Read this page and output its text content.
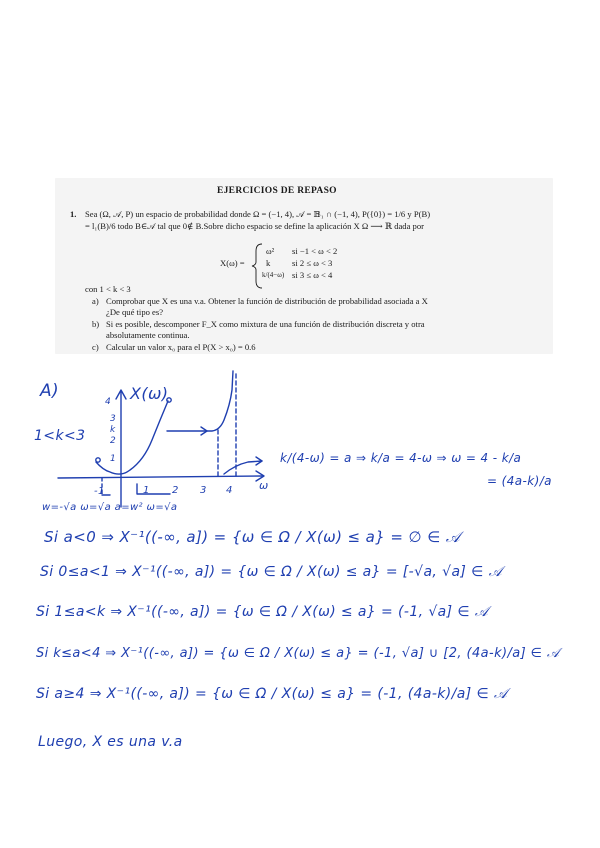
EJERCICIOS DE REPASO
1. Sea (Ω, 𝒜, P) un espacio de probabilidad donde Ω = (−1, 4), 𝒜 = 𝔹₁ ∩ (−1, 4), P({0}) = 1/6 y P(B)
= l₁(B)/6 todo B∈𝒜 tal que 0∉ B.Sobre dicho espacio se define la aplicación X Ω ⟶ ℝ dada por
X(ω) =
ω² si −1 < ω < 2
k	si 2 ≤ ω < 3
k/(4−ω) si 3 ≤ ω < 4
con 1 < k < 3
a) Comprobar que X es una v.a. Obtener la función de distribución de probabilidad asociada a X
¿De qué tipo es?
b) Si es posible, descomponer F_X como mixtura de una función de distribución discreta y otra
absolutamente continua.
c) Calcular un valor x₀ para el P(X > x₀) = 0.6
A)
1<k<3
X(ω)
4
3
k
2
1
-1	1 2 3 4 ω
w=-√a ω=√a a=w² ω=√a
k/(4-ω) = a ⇒ k/a = 4-ω ⇒ ω = 4 - k/a
= (4a-k)/a
Si a<0 ⇒ X⁻¹((-∞, a]) = {ω ∈ Ω / X(ω) ≤ a} = ∅ ∈ 𝒜
Si 0≤a<1 ⇒ X⁻¹((-∞, a]) = {ω ∈ Ω / X(ω) ≤ a} = [-√a, √a] ∈ 𝒜
Si 1≤a<k ⇒ X⁻¹((-∞, a]) = {ω ∈ Ω / X(ω) ≤ a} = (-1, √a] ∈ 𝒜
Si k≤a<4 ⇒ X⁻¹((-∞, a]) = {ω ∈ Ω / X(ω) ≤ a} = (-1, √a] ∪ [2, (4a-k)/a] ∈ 𝒜
Si a≥4 ⇒ X⁻¹((-∞, a]) = {ω ∈ Ω / X(ω) ≤ a} = (-1, (4a-k)/a] ∈ 𝒜
Luego, X es una v.a
